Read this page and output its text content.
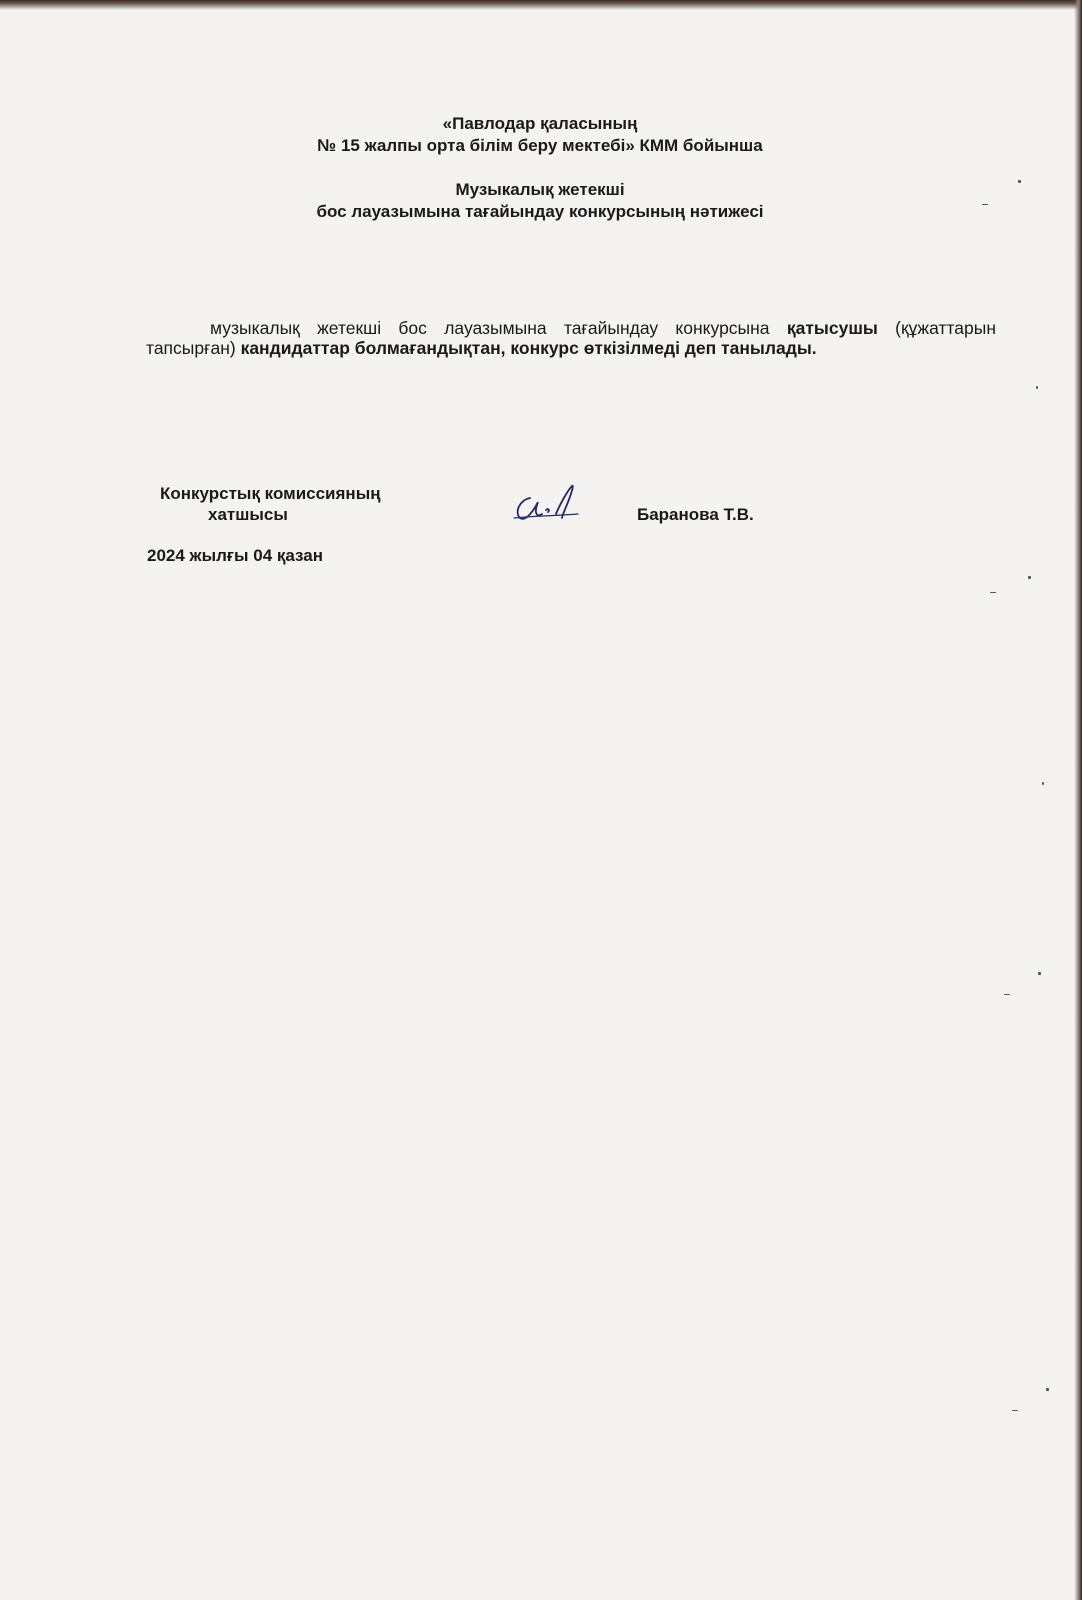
«Павлодар қаласының
№ 15 жалпы орта білім беру мектебі» КММ бойынша
Музыкалық жетекші
бос лауазымына тағайындау конкурсының нәтижесі
музыкалық жетекші бос лауазымына тағайындау конкурсына қатысушы (құжаттарын тапсырған) кандидаттар болмағандықтан, конкурс өткізілмеді деп танылады.
Конкурстық комиссияның
хатшысы	Баранова Т.В.
2024 жылғы 04 қазан
